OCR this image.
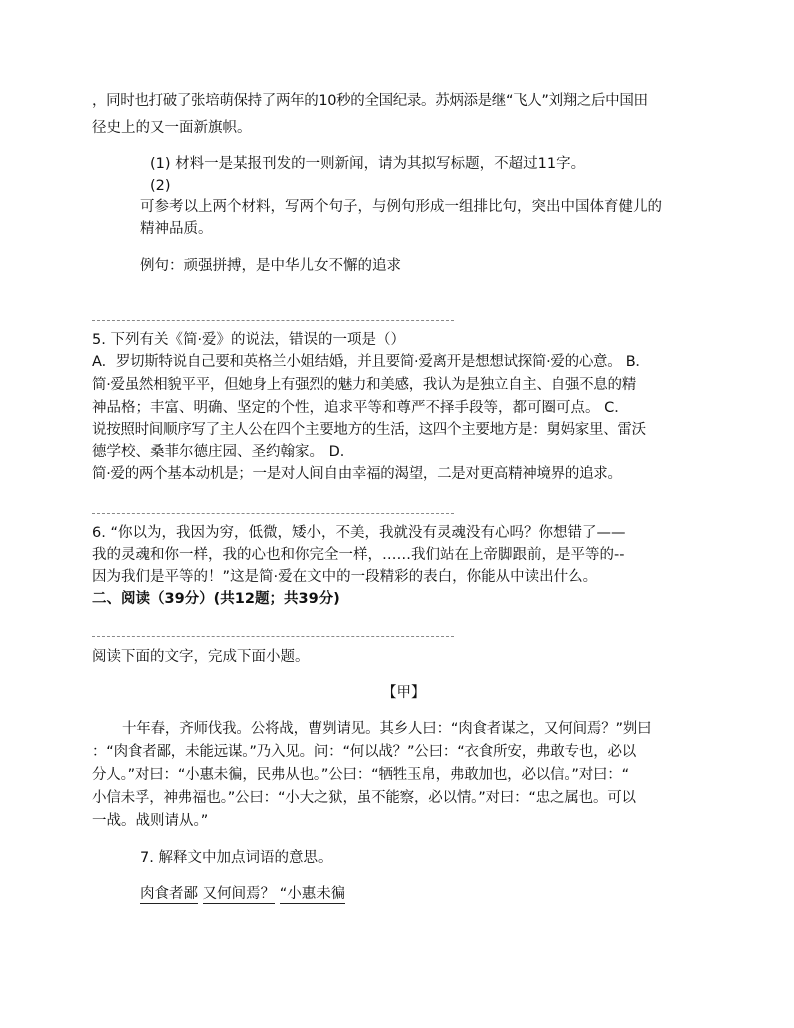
，同时也打破了张培萌保持了两年的10秒的全国纪录。苏炳添是继“飞人”刘翔之后中国田
径史上的又一面新旗帜。
(1) 材料一是某报刊发的一则新闻，请为其拟写标题，不超过11字。
(2)
可参考以上两个材料，写两个句子，与例句形成一组排比句，突出中国体育健儿的
精神品质。
例句：顽强拼搏，是中华儿女不懈的追求
5. 下列有关《简·爱》的说法，错误的一项是（）
A．罗切斯特说自己要和英格兰小姐结婚，并且要简·爱离开是想想试探简·爱的心意。 B．
简·爱虽然相貌平平，但她身上有强烈的魅力和美感，我认为是独立自主、自强不息的精
神品格；丰富、明确、坚定的个性，追求平等和尊严不择手段等，都可圈可点。 C．
说按照时间顺序写了主人公在四个主要地方的生活，这四个主要地方是：舅妈家里、雷沃
德学校、桑菲尔德庄园、圣约翰家。 D．
简·爱的两个基本动机是；一是对人间自由幸福的渴望，二是对更高精神境界的追求。
6. “你以为，我因为穷，低微，矮小，不美，我就没有灵魂没有心吗？你想错了——
我的灵魂和你一样，我的心也和你完全一样，……我们站在上帝脚跟前，是平等的--
因为我们是平等的！”这是简·爱在文中的一段精彩的表白，你能从中读出什么。
二、阅读（39分）(共12题；共39分)
阅读下面的文字，完成下面小题。
【甲】
十年春，齐师伐我。公将战，曹刿请见。其乡人曰：“肉食者谋之，又何间焉？”刿曰
：“肉食者鄙，未能远谋。”乃入见。问：“何以战？”公曰：“衣食所安，弗敢专也，必以
分人。”对曰：“小惠未徧，民弗从也。”公曰：“牺牲玉帛，弗敢加也，必以信。”对曰：“
小信未孚，神弗福也。”公曰：“小大之狱，虽不能察，必以情。”对曰：“忠之属也。可以
一战。战则请从。”
7. 解释文中加点词语的意思。
肉食者鄙 又何间焉？ “小惠未徧
